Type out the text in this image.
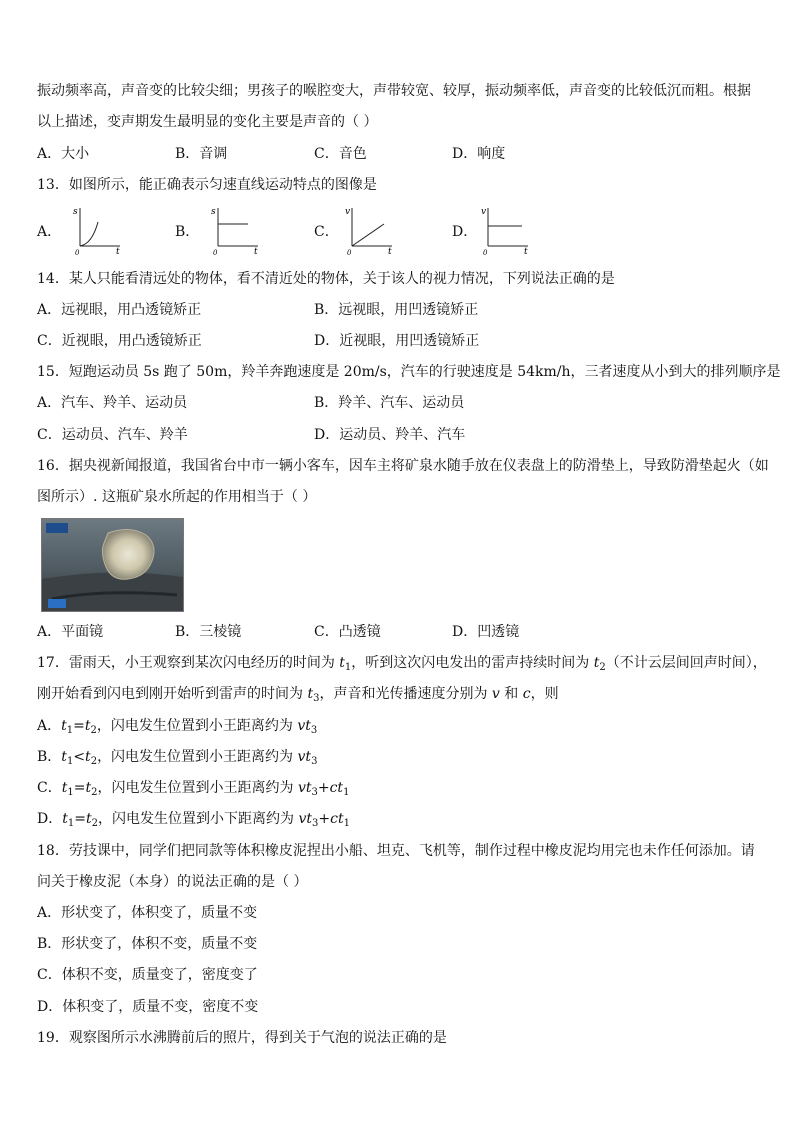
振动频率高，声音变的比较尖细；男孩子的喉腔变大，声带较宽、较厚，振动频率低，声音变的比较低沉而粗。根据
以上描述，变声期发生最明显的变化主要是声音的（ ）
A．大小	B．音调	C．音色	D．响度
13．如图所示，能正确表示匀速直线运动特点的图像是
A．
s
t
0
B．
s
t
0
C．
v
t
0
D．
v
t
0
14．某人只能看清远处的物体，看不清近处的物体，关于该人的视力情况，下列说法正确的是
A．远视眼，用凸透镜矫正	B．远视眼，用凹透镜矫正
C．近视眼，用凸透镜矫正	D．近视眼，用凹透镜矫正
15．短跑运动员 5s 跑了 50m，羚羊奔跑速度是 20m/s，汽车的行驶速度是 54km/h，三者速度从小到大的排列顺序是
A．汽车、羚羊、运动员	B．羚羊、汽车、运动员
C．运动员、汽车、羚羊	D．运动员、羚羊、汽车
16．据央视新闻报道，我国省台中市一辆小客车，因车主将矿泉水随手放在仪表盘上的防滑垫上，导致防滑垫起火（如
图所示）. 这瓶矿泉水所起的作用相当于（ ）
A．平面镜	B．三棱镜	C．凸透镜	D．凹透镜
17．雷雨天，小王观察到某次闪电经历的时间为 $t_1$，听到这次闪电发出的雷声持续时间为 $t_2$（不计云层间回声时间），
刚开始看到闪电到刚开始听到雷声的时间为 $t_3$，声音和光传播速度分别为 v 和 c，则
A．$t_1=t_2$，闪电发生位置到小王距离约为 $vt_3$
B．$t_1<t_2$，闪电发生位置到小王距离约为 $vt_3$
C．$t_1=t_2$，闪电发生位置到小王距离约为 $vt_3+ct_1$
D．$t_1=t_2$，闪电发生位置到小下距离约为 $vt_3+ct_1$
18．劳技课中，同学们把同款等体积橡皮泥捏出小船、坦克、飞机等，制作过程中橡皮泥均用完也未作任何添加。请
问关于橡皮泥（本身）的说法正确的是（ ）
A．形状变了，体积变了，质量不变
B．形状变了，体积不变，质量不变
C．体积不变，质量变了，密度变了
D．体积变了，质量不变，密度不变
19．观察图所示水沸腾前后的照片，得到关于气泡的说法正确的是
